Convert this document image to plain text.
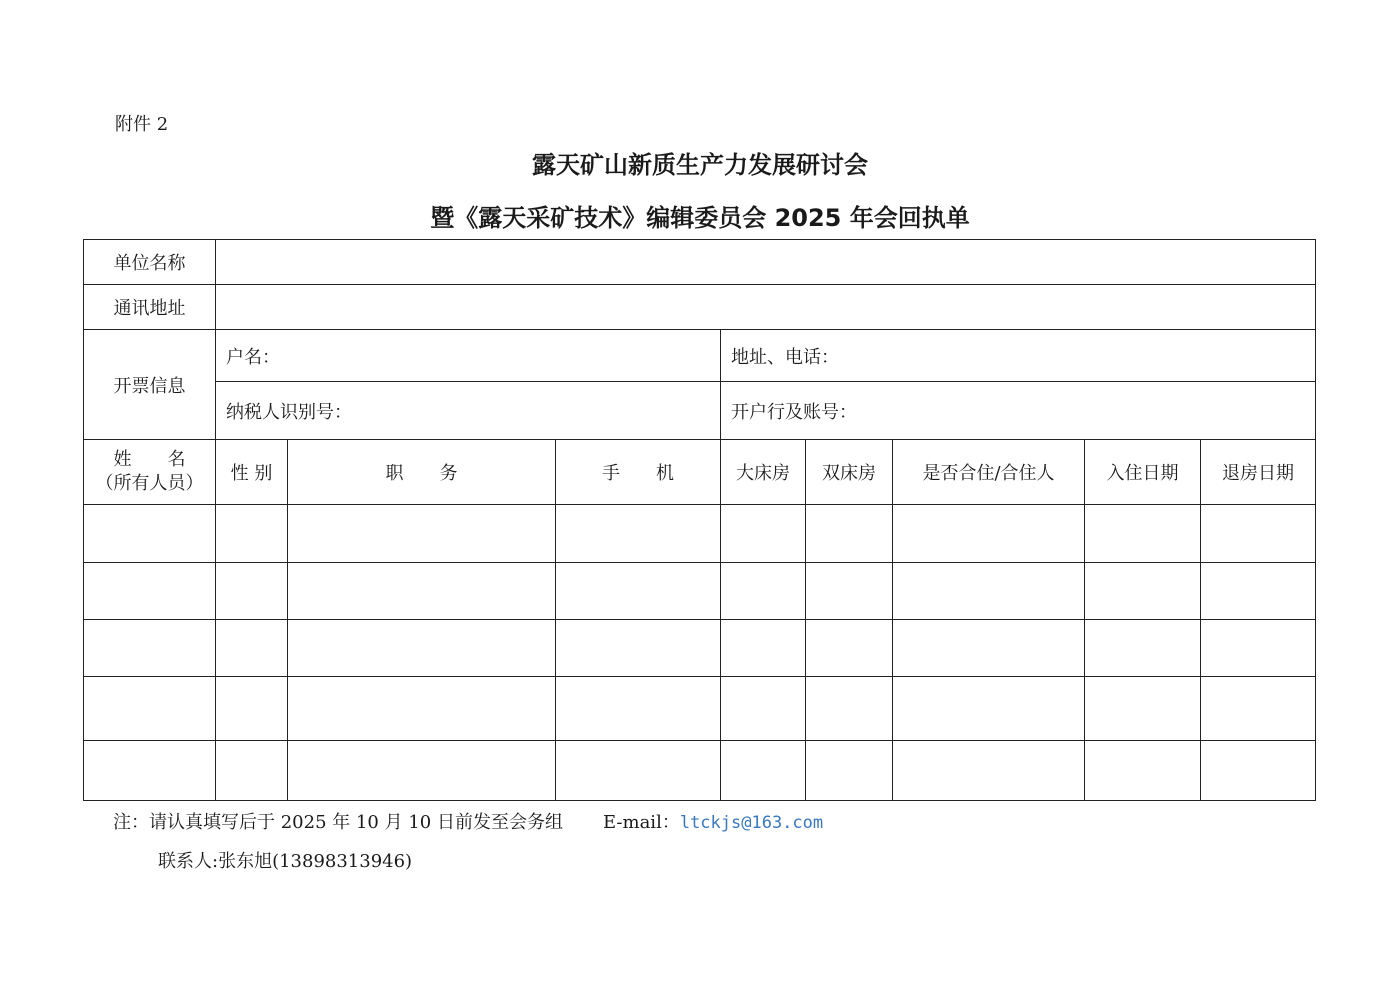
附件 2
露天矿山新质生产力发展研讨会
暨《露天采矿技术》编辑委员会 2025 年会回执单
单位名称								
通讯地址								
开票信息	户名：			地址、电话：				
	纳税人识别号：			开户行及账号：				

姓　　名
（所有人员）	性 别	职　　务	手　　机	大床房	双床房	是否合住/合住人	入住日期	退房日期

注：请认真填写后于 2025 年 10 月 10 日前发至会务组 E-mail：ltckjs@163.com
联系人:张东旭(13898313946)
